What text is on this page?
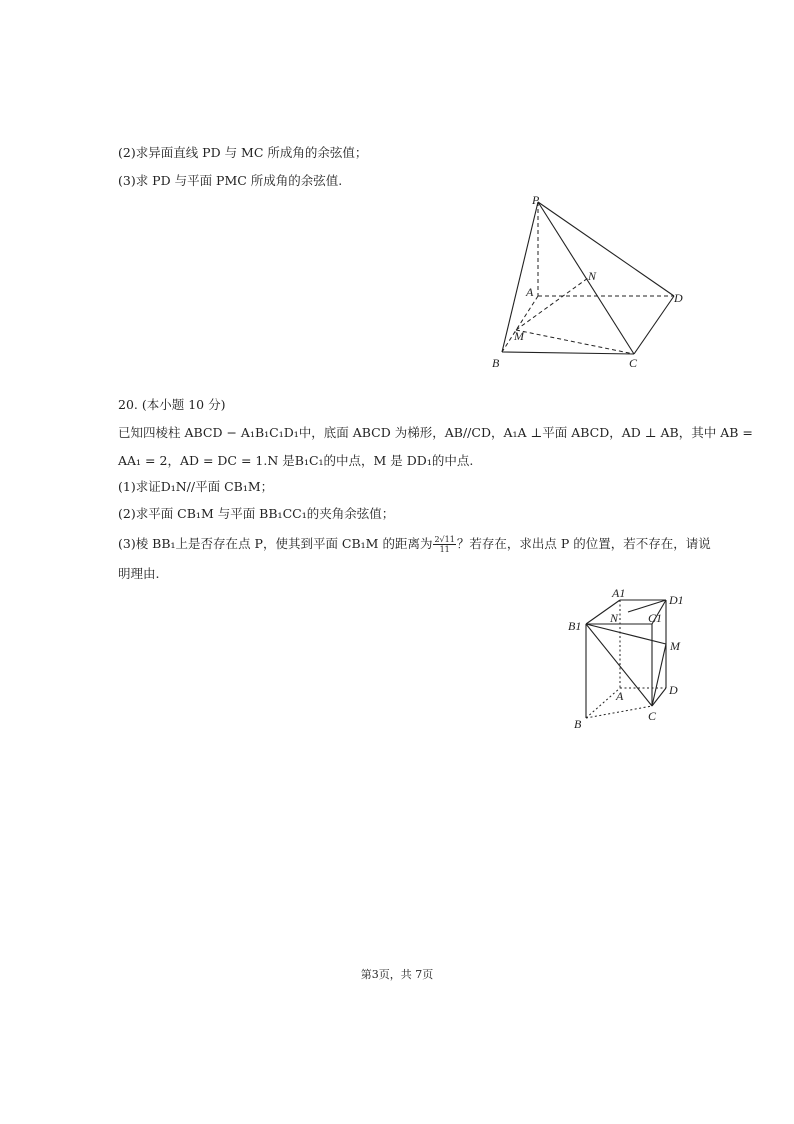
(2)求异面直线 PD 与 MC 所成角的余弦值；
(3)求 PD 与平面 PMC 所成角的余弦值.
P
N
A	D
M
B	C
20. (本小题 10 分)
已知四棱柱 ABCD − A₁B₁C₁D₁中，底面 ABCD 为梯形，AB//CD，A₁A ⊥平面 ABCD，AD ⊥ AB，其中 AB =
AA₁ = 2，AD = DC = 1.N 是B₁C₁的中点，M 是 DD₁的中点.
(1)求证D₁N//平面 CB₁M；
(2)求平面 CB₁M 与平面 BB₁CC₁的夹角余弦值；
(3)棱 BB₁上是否存在点 P，使其到平面 CB₁M 的距离为 $\frac{2√11}{11}$ ？若存在，求出点 P 的位置，若不存在，请说
明理由.
A1	D1
N C1
B1
M
A	D
B
C
第3页，共 7页
